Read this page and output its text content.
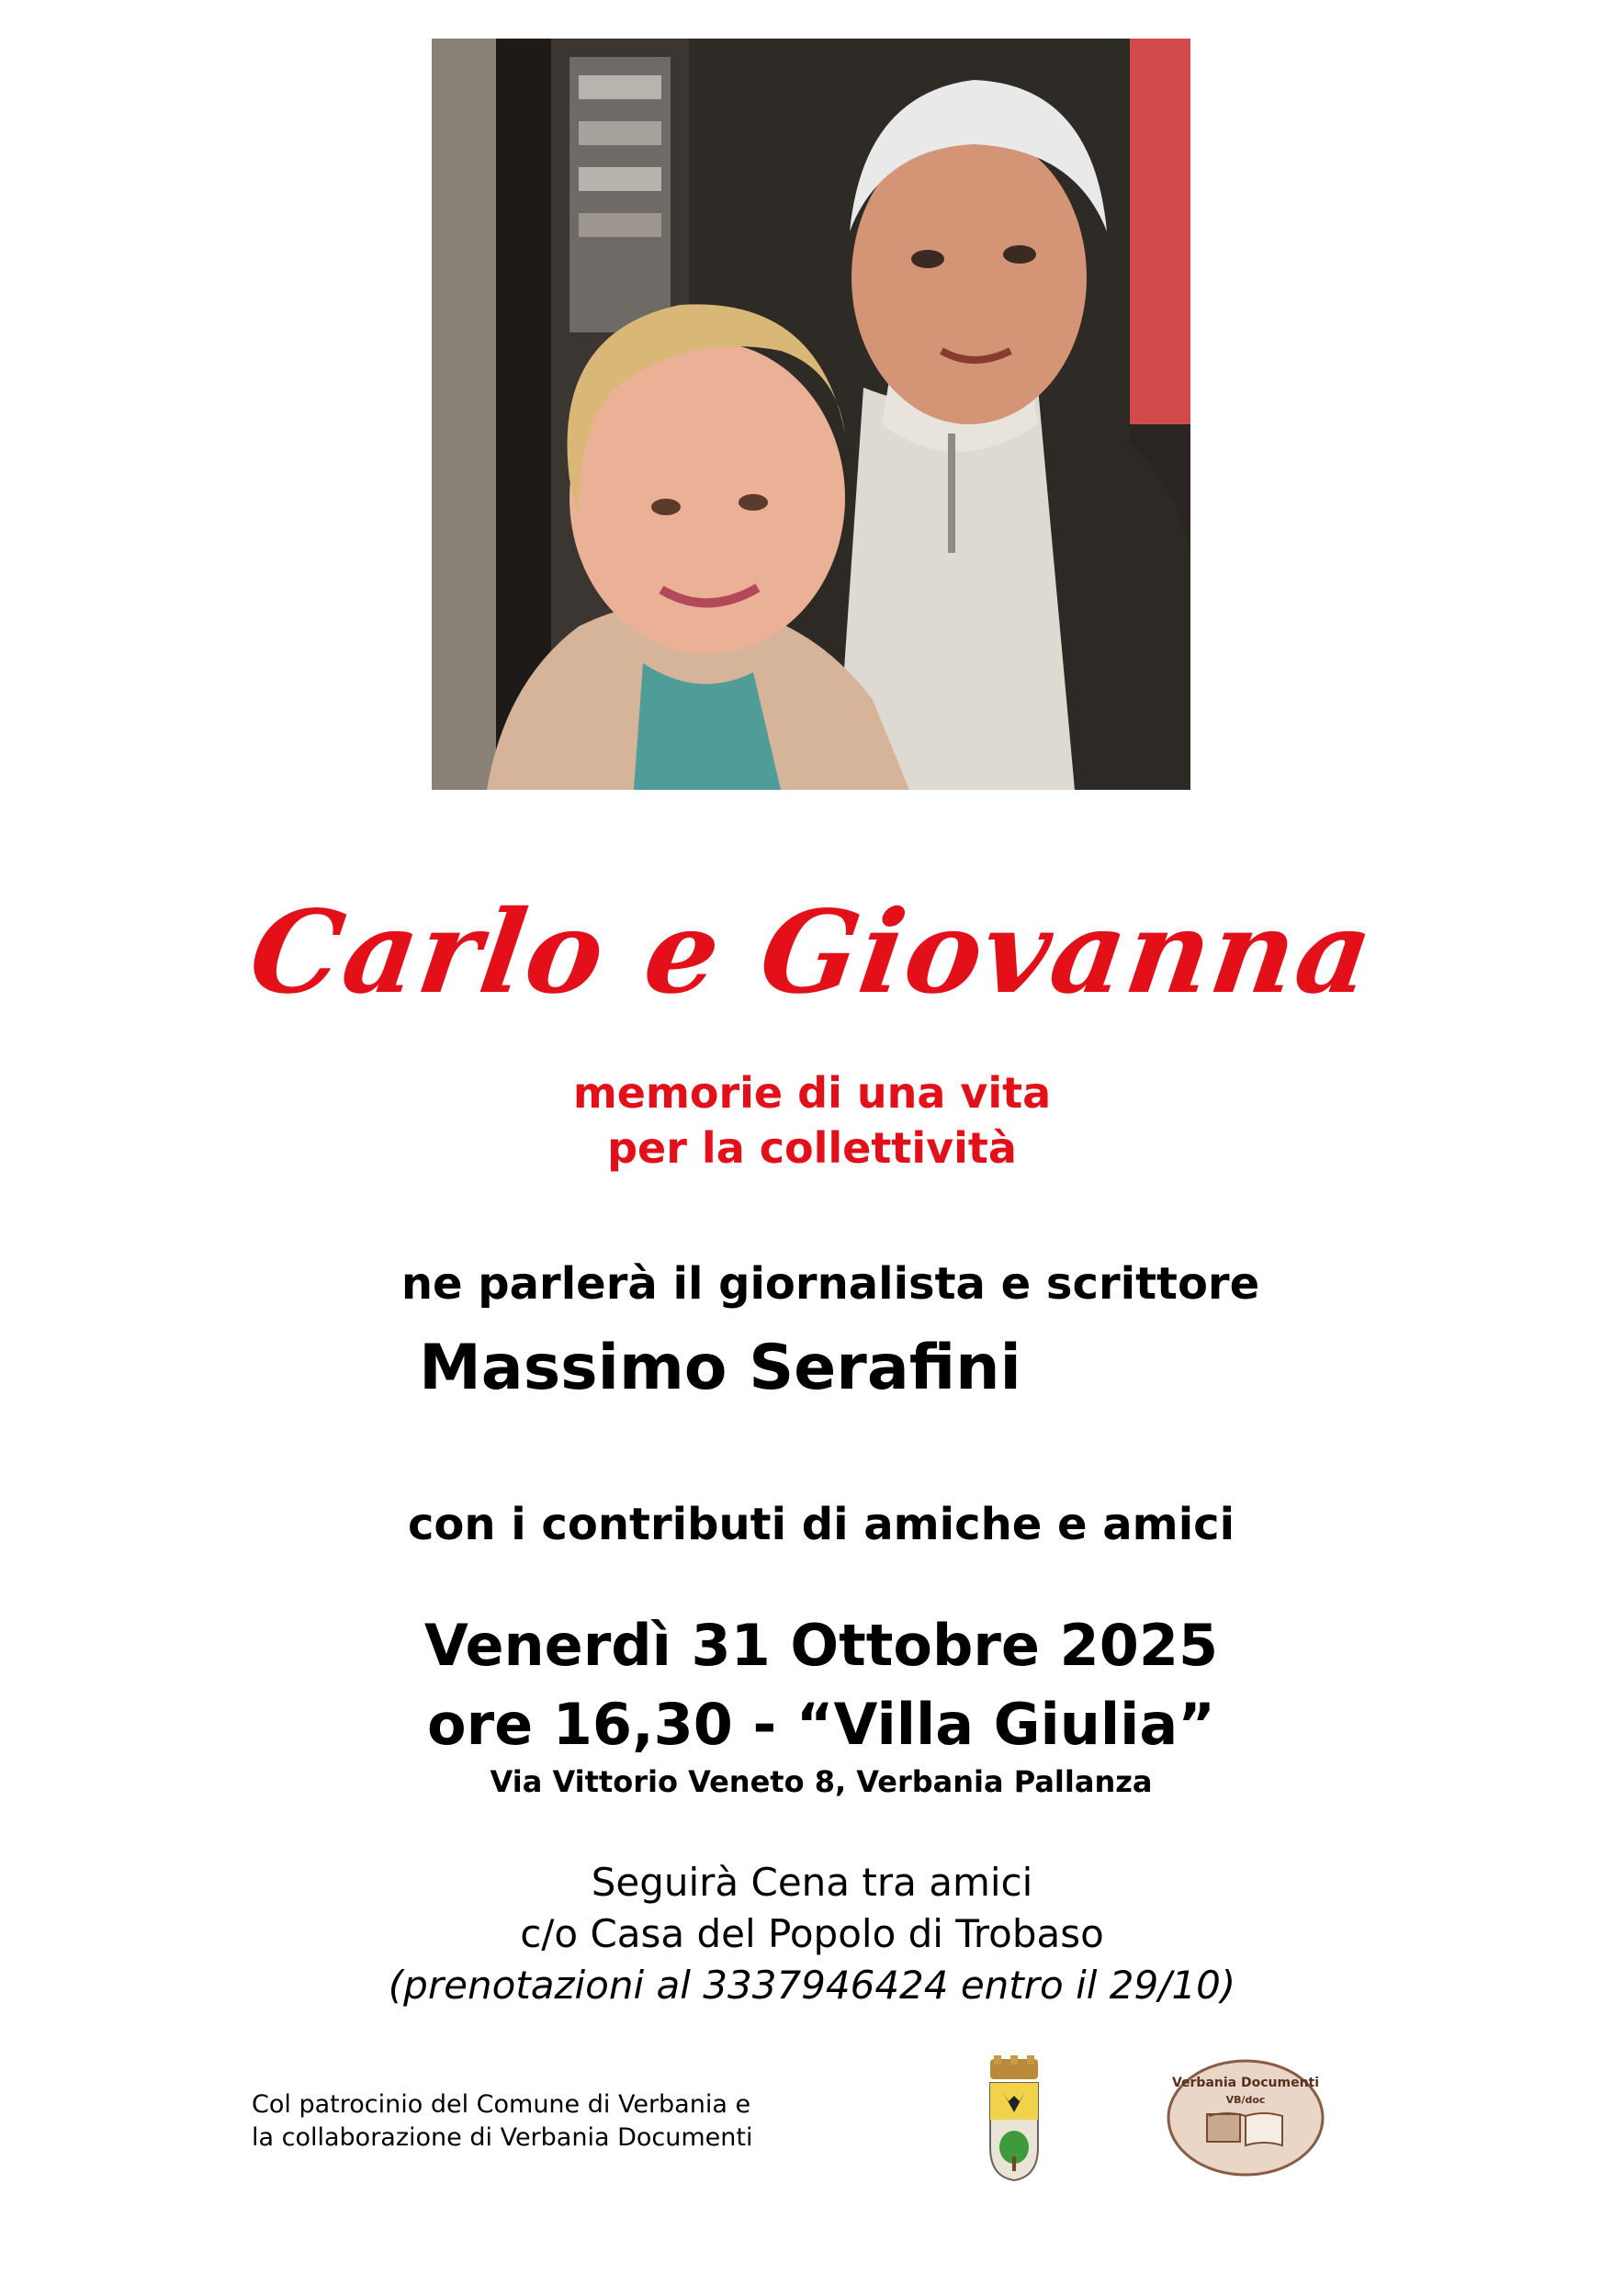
Carlo e Giovanna
memorie di una vita
per la collettività
ne parlerà il giornalista e scrittore
Massimo Serafini
con i contributi di amiche e amici
Venerdì 31 Ottobre 2025
ore 16,30 - “Villa Giulia”
Via Vittorio Veneto 8, Verbania Pallanza
Seguirà Cena tra amici
c/o Casa del Popolo di Trobaso
(prenotazioni al 3337946424 entro il 29/10)
Col patrocinio del Comune di Verbania e
la collaborazione di Verbania Documenti
Verbania Documenti
VB/doc
